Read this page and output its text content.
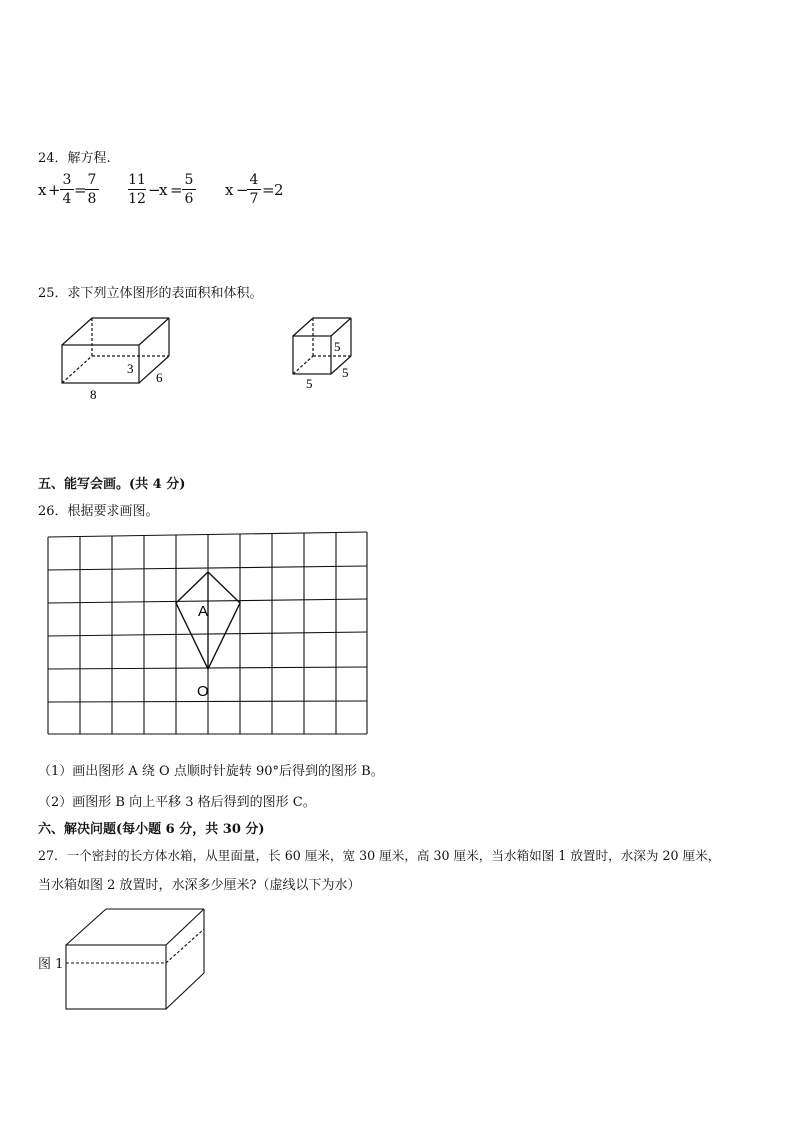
24．解方程.
x +
3
4 =
7
8
11
12 −
x =
5
6 x −
4
7 = 2
25．求下列立体图形的表面积和体积。
3
6
8
5
5
5
五、能写会画。(共 4 分)
26．根据要求画图。
A
O
（1）画出图形 A 绕 O 点顺时针旋转 90°后得到的图形 B。
（2）画图形 B 向上平移 3 格后得到的图形 C。
六、解决问题(每小题 6 分，共 30 分)
27．一个密封的长方体水箱，从里面量，长 60 厘米，宽 30 厘米，高 30 厘米，当水箱如图 1 放置时，水深为 20 厘米，
当水箱如图 2 放置时，水深多少厘米?（虚线以下为水）
图 1
